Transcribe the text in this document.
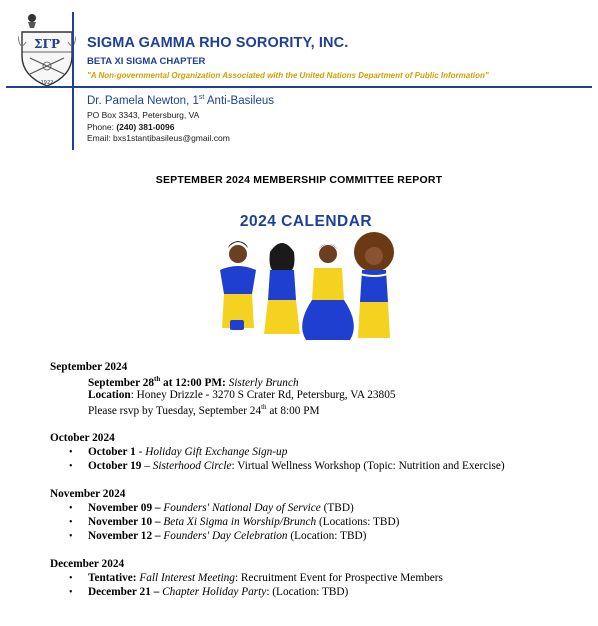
ΣΓΡ
1922
SIGMA GAMMA RHO SORORITY, INC.
BETA XI SIGMA CHAPTER
"A Non-governmental Organization Associated with the United Nations Department of Public Information"
Dr. Pamela Newton, 1st Anti-Basileus
PO Box 3343, Petersburg, VA
Phone: (240) 381-0096
Email: bxs1stantibasileus@gmail.com
SEPTEMBER 2024 MEMBERSHIP COMMITTEE REPORT
2024 CALENDAR
September 2024
September 28th at 12:00 PM: Sisterly Brunch
Location: Honey Drizzle - 3270 S Crater Rd, Petersburg, VA 23805
Please rsvp by Tuesday, September 24th at 8:00 PM
October 2024
• October 1 - Holiday Gift Exchange Sign-up
• October 19 – Sisterhood Circle: Virtual Wellness Workshop (Topic: Nutrition and Exercise)
November 2024
• November 09 – Founders' National Day of Service (TBD)
• November 10 – Beta Xi Sigma in Worship/Brunch (Locations: TBD)
• November 12 – Founders' Day Celebration (Location: TBD)
December 2024
• Tentative: Fall Interest Meeting: Recruitment Event for Prospective Members
• December 21 – Chapter Holiday Party: (Location: TBD)
